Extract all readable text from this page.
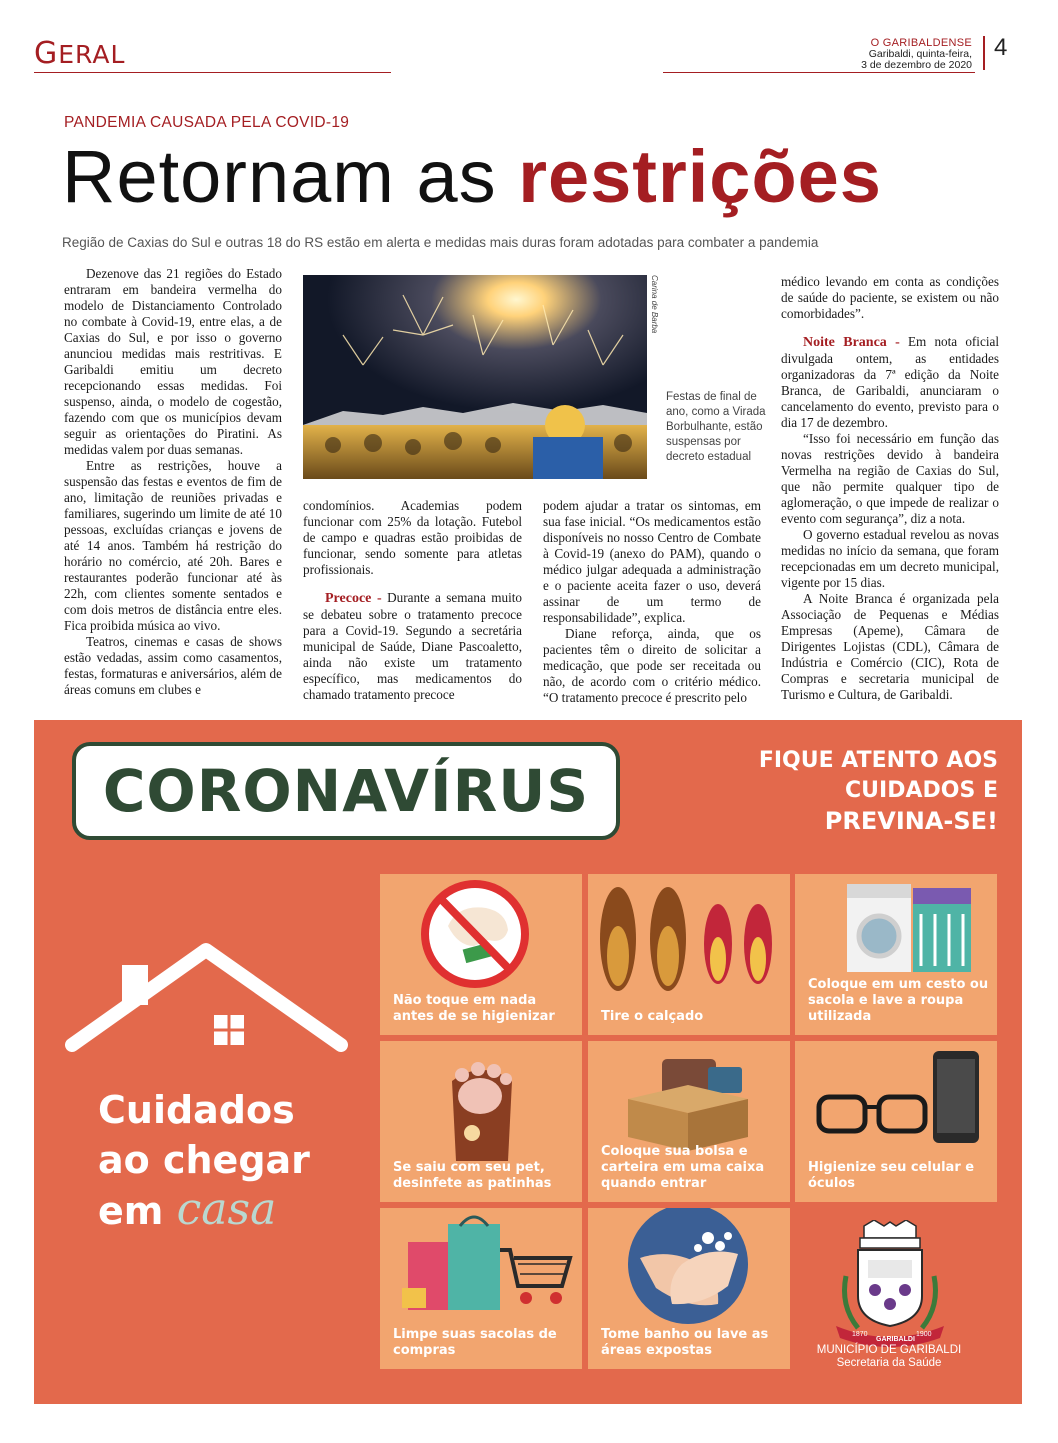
GERAL	O GARIBALDENSE
Garibaldi, quinta-feira,
3 de dezembro de 2020
4
PANDEMIA CAUSADA PELA COVID-19
Retornam as restrições
Região de Caxias do Sul e outras 18 do RS estão em alerta e medidas mais duras foram adotadas para combater a pandemia

Dezenove das 21 regiões do Estado entraram em bandeira vermelha do modelo de Distanciamento Controlado no combate à Covid-19, entre elas, a de Caxias do Sul, e por isso o governo anunciou medidas mais restritivas. E Garibaldi emitiu um decreto recepcionando essas medidas. Foi suspenso, ainda, o modelo de cogestão, fazendo com que os municípios devam seguir as orientações do Piratini. As medidas valem por duas semanas.

Entre as restrições, houve a suspensão das festas e eventos de fim de ano, limitação de reuniões privadas e familiares, sugerindo um limite de até 10 pessoas, excluídas crianças e jovens de até 14 anos. Também há restrição do horário no comércio, até 20h. Bares e restaurantes poderão funcionar até às 22h, com clientes somente sentados e com dois metros de distância entre eles. Fica proibida música ao vivo.

Teatros, cinemas e casas de shows estão vedadas, assim como casamentos, festas, formaturas e aniversários, além de áreas comuns em clubes e

Carina de Barba
Festas de final de ano, como a Virada Borbulhante, estão suspensas por decreto estadual

condomínios. Academias podem funcionar com 25% da lotação. Futebol de campo e quadras estão proibidas de funcionar, sendo somente para atletas profissionais.

Precoce - Durante a semana muito se debateu sobre o tratamento precoce para a Covid-19. Segundo a secretária municipal de Saúde, Diane Pascoaletto, ainda não existe um tratamento específico, mas medicamentos do chamado tratamento precoce

podem ajudar a tratar os sintomas, em sua fase inicial. “Os medicamentos estão disponíveis no nosso Centro de Combate à Covid-19 (anexo do PAM), quando o médico julgar adequada a administração e o paciente aceita fazer o uso, deverá assinar de um termo de responsabilidade”, explica.

Diane reforça, ainda, que os pacientes têm o direito de solicitar a medicação, que pode ser receitada ou não, de acordo com o critério médico. “O tratamento precoce é prescrito pelo

médico levando em conta as condições de saúde do paciente, se existem ou não comorbidades”.

Noite Branca - Em nota oficial divulgada ontem, as entidades organizadoras da 7ª edição da Noite Branca, de Garibaldi, anunciaram o cancelamento do evento, previsto para o dia 17 de dezembro.

“Isso foi necessário em função das novas restrições devido à bandeira Vermelha na região de Caxias do Sul, que não permite qualquer tipo de aglomeração, o que impede de realizar o evento com segurança”, diz a nota.

O governo estadual revelou as novas medidas no início da semana, que foram recepcionadas em um decreto municipal, vigente por 15 dias.

A Noite Branca é organizada pela Associação de Pequenas e Médias Empresas (Apeme), Câmara de Dirigentes Lojistas (CDL), Câmara de Indústria e Comércio (CIC), Rota de Compras e secretaria municipal de Turismo e Cultura, de Garibaldi.

CORONAVÍRUS	FIQUE ATENTO AOS
CUIDADOS E
PREVINA-SE!
Cuidados
ao chegar
em casa
Não toque em nada antes de se higienizar	Tire o calçado
Coloque em um cesto ou sacola e lave a roupa utilizada
Se saiu com seu pet, desinfete as patinhas
Coloque sua bolsa e carteira em uma caixa quando entrar
Higienize seu celular e óculos
Limpe suas sacolas de compras
Tome banho ou lave as áreas expostas
1870
GARIBALDI
1900
MUNICÍPIO DE GARIBALDI
Secretaria da Saúde
